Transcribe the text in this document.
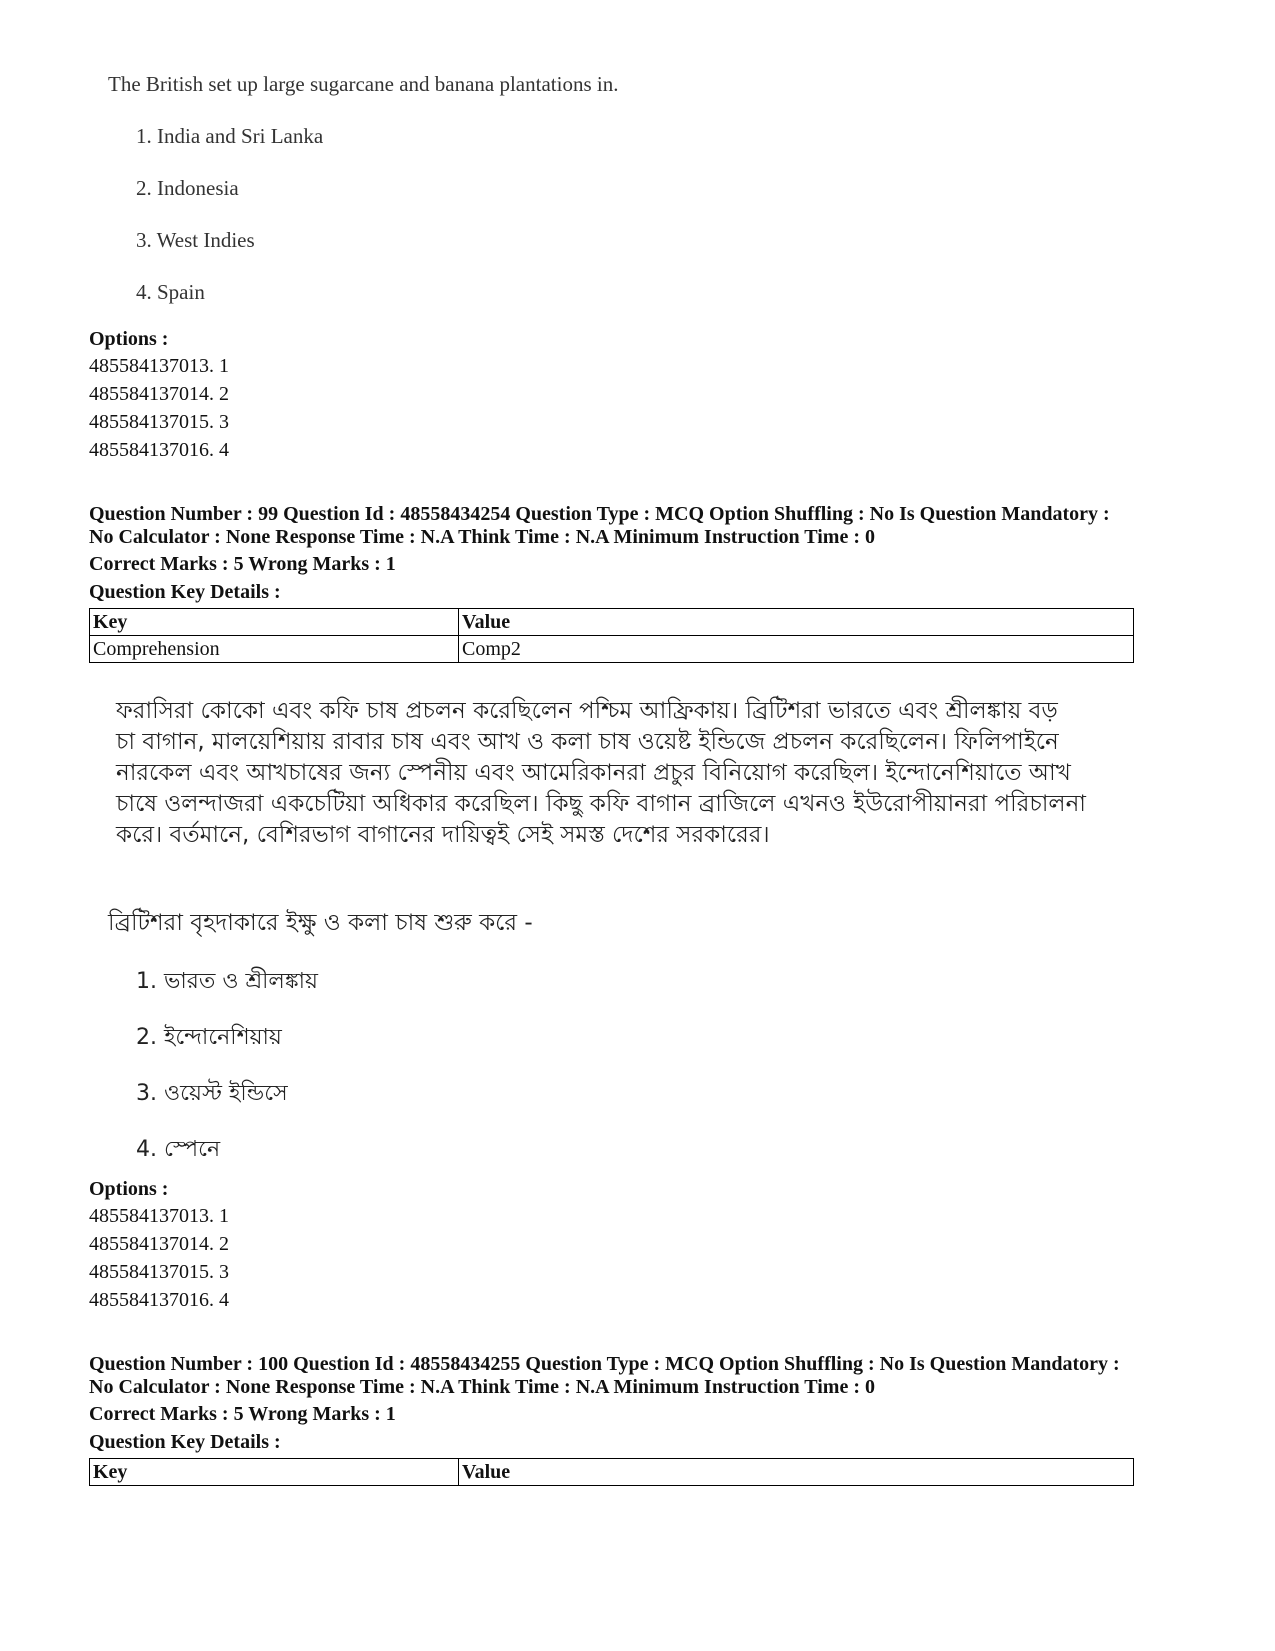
The British set up large sugarcane and banana plantations in.
1. India and Sri Lanka
2. Indonesia
3. West Indies
4. Spain
Options :
485584137013. 1
485584137014. 2
485584137015. 3
485584137016. 4
Question Number : 99 Question Id : 48558434254 Question Type : MCQ Option Shuffling : No Is Question Mandatory :
No Calculator : None Response Time : N.A Think Time : N.A Minimum Instruction Time : 0
Correct Marks : 5 Wrong Marks : 1
Question Key Details :
Key	Value
Comprehension	Comp2
ফরাসিরা কোকো এবং কফি চাষ প্রচলন করেছিলেন পশ্চিম আফ্রিকায়। ব্রিটিশরা ভারতে এবং শ্রীলঙ্কায় বড়
চা বাগান, মালয়েশিয়ায় রাবার চাষ এবং আখ ও কলা চাষ ওয়েষ্ট ইন্ডিজে প্রচলন করেছিলেন। ফিলিপাইনে
নারকেল এবং আখচাষের জন্য স্পেনীয় এবং আমেরিকানরা প্রচুর বিনিয়োগ করেছিল। ইন্দোনেশিয়াতে আখ
চাষে ওলন্দাজরা একচেটিয়া অধিকার করেছিল। কিছু কফি বাগান ব্রাজিলে এখনও ইউরোপীয়ানরা পরিচালনা
করে। বর্তমানে, বেশিরভাগ বাগানের দায়িত্বই সেই সমস্ত দেশের সরকারের।
ব্রিটিশরা বৃহদাকারে ইক্ষু ও কলা চাষ শুরু করে -
1. ভারত ও শ্রীলঙ্কায়
2. ইন্দোনেশিয়ায়
3. ওয়েস্ট ইন্ডিসে
4. স্পেনে
Options :
485584137013. 1
485584137014. 2
485584137015. 3
485584137016. 4
Question Number : 100 Question Id : 48558434255 Question Type : MCQ Option Shuffling : No Is Question Mandatory :
No Calculator : None Response Time : N.A Think Time : N.A Minimum Instruction Time : 0
Correct Marks : 5 Wrong Marks : 1
Question Key Details :
Key	Value
